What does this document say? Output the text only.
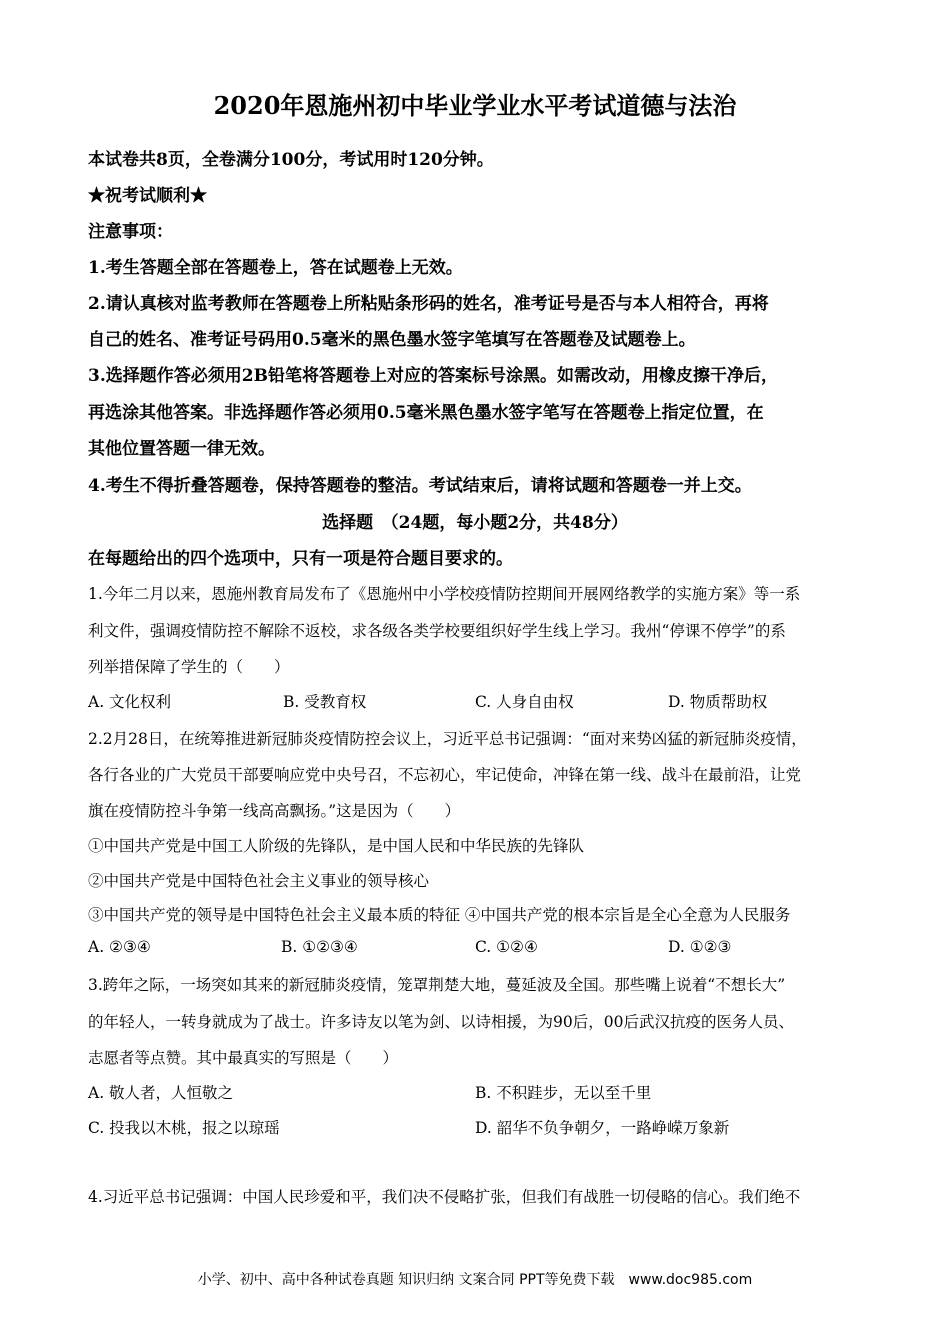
2020年恩施州初中毕业学业水平考试道德与法治
本试卷共8页，全卷满分100分，考试用时120分钟。
★祝考试顺利★
注意事项：
1.考生答题全部在答题卷上，答在试题卷上无效。
2.请认真核对监考教师在答题卷上所粘贴条形码的姓名，准考证号是否与本人相符合，再将
自己的姓名、准考证号码用0.5毫米的黑色墨水签字笔填写在答题卷及试题卷上。
3.选择题作答必须用2B铅笔将答题卷上对应的答案标号涂黑。如需改动，用橡皮擦干净后，
再选涂其他答案。非选择题作答必须用0.5毫米黑色墨水签字笔写在答题卷上指定位置，在
其他位置答题一律无效。
4.考生不得折叠答题卷，保持答题卷的整洁。考试结束后，请将试题和答题卷一并上交。
选择题　（24题，每小题2分，共48分）
在每题给出的四个选项中，只有一项是符合题目要求的。
1.今年二月以来，恩施州教育局发布了《恩施州中小学校疫情防控期间开展网络教学的实施方案》等一系
利文件，强调疫情防控不解除不返校，求各级各类学校要组织好学生线上学习。我州“停课不停学”的系
列举措保障了学生的（　　）
A. 文化权利	B. 受教育权	C. 人身自由权	D. 物质帮助权
2.2月28日，在统筹推进新冠肺炎疫情防控会议上，习近平总书记强调：“面对来势凶猛的新冠肺炎疫情，
各行各业的广大党员干部要响应党中央号召，不忘初心，牢记使命，冲锋在第一线、战斗在最前沿，让党
旗在疫情防控斗争第一线高高飘扬。”这是因为（　　）
①中国共产党是中国工人阶级的先锋队，是中国人民和中华民族的先锋队
②中国共产党是中国特色社会主义事业的领导核心
③中国共产党的领导是中国特色社会主义最本质的特征 ④中国共产党的根本宗旨是全心全意为人民服务
A. ②③④	B. ①②③④	C. ①②④	D. ①②③
3.跨年之际，一场突如其来的新冠肺炎疫情，笼罩荆楚大地，蔓延波及全国。那些嘴上说着“不想长大”
的年轻人，一转身就成为了战士。许多诗友以笔为剑、以诗相援，为90后，00后武汉抗疫的医务人员、
志愿者等点赞。其中最真实的写照是（　　）
A. 敬人者，人恒敬之	B. 不积跬步，无以至千里
C. 投我以木桃，报之以琼瑶	D. 韶华不负争朝夕，一路峥嵘万象新
4.习近平总书记强调：中国人民珍爱和平，我们决不侵略扩张，但我们有战胜一切侵略的信心。我们绝不
小学、初中、高中各种试卷真题 知识归纳 文案合同 PPT等免费下载　www.doc985.com
